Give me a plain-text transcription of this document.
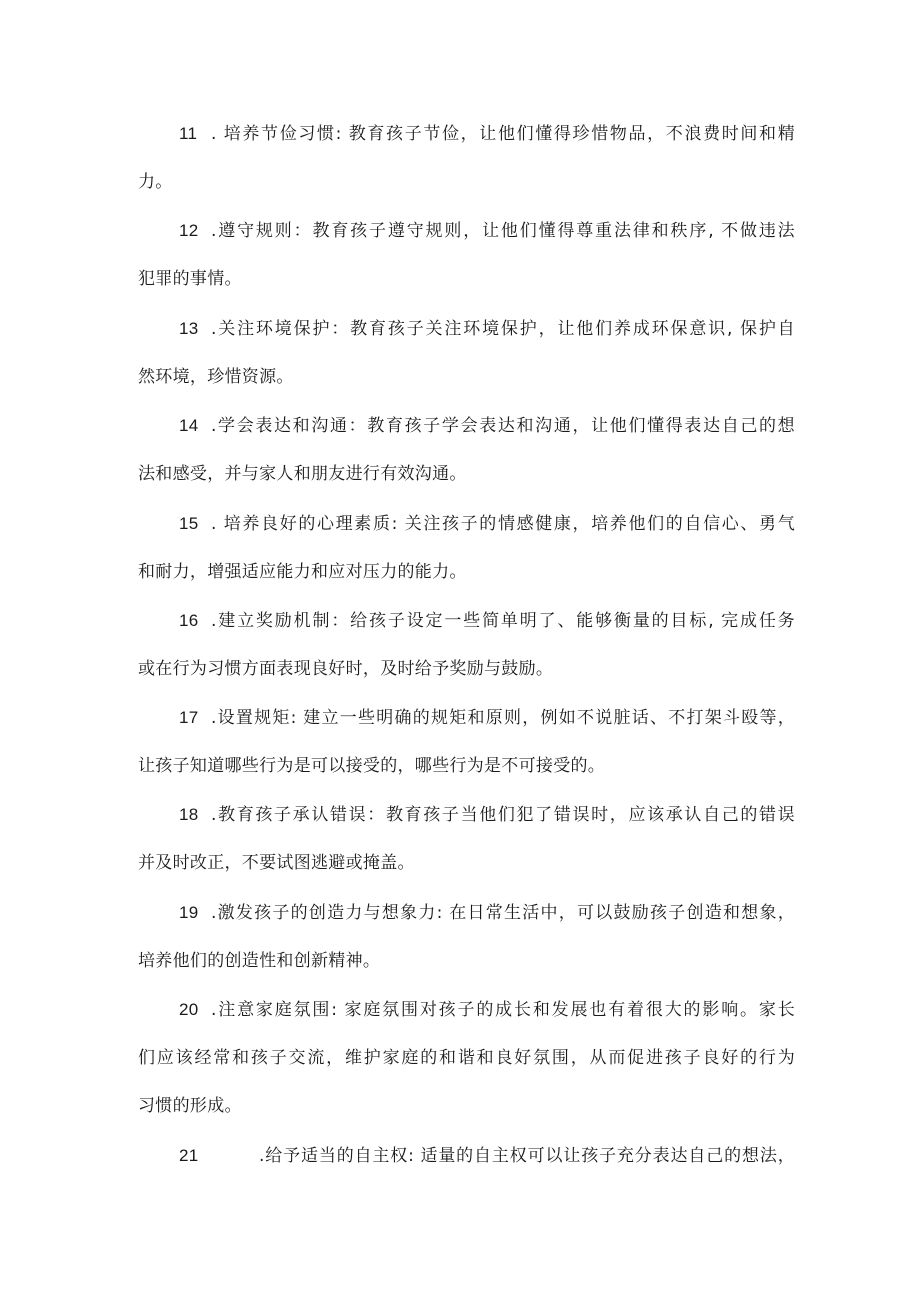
11 . 培养节俭习惯: 教育孩子节俭，让他们懂得珍惜物品，不浪费时间和精
力。
12 .遵守规则：教育孩子遵守规则，让他们懂得尊重法律和秩序, 不做违法
犯罪的事情。
13 .关注环境保护：教育孩子关注环境保护，让他们养成环保意识, 保护自
然环境，珍惜资源。
14 .学会表达和沟通：教育孩子学会表达和沟通，让他们懂得表达自己的想
法和感受，并与家人和朋友进行有效沟通。
15 . 培养良好的心理素质: 关注孩子的情感健康，培养他们的自信心、勇气
和耐力，增强适应能力和应对压力的能力。
16 .建立奖励机制：给孩子设定一些简单明了、能够衡量的目标, 完成任务
或在行为习惯方面表现良好时，及时给予奖励与鼓励。
17 .设置规矩: 建立一些明确的规矩和原则，例如不说脏话、不打架斗殴等，
让孩子知道哪些行为是可以接受的，哪些行为是不可接受的。
18 .教育孩子承认错误：教育孩子当他们犯了错误时，应该承认自己的错误
并及时改正，不要试图逃避或掩盖。
19 .激发孩子的创造力与想象力: 在日常生活中，可以鼓励孩子创造和想象，
培养他们的创造性和创新精神。
20 .注意家庭氛围: 家庭氛围对孩子的成长和发展也有着很大的影响。家长
们应该经常和孩子交流，维护家庭的和谐和良好氛围，从而促进孩子良好的行为
习惯的形成。
21	.给予适当的自主权: 适量的自主权可以让孩子充分表达自己的想法，
